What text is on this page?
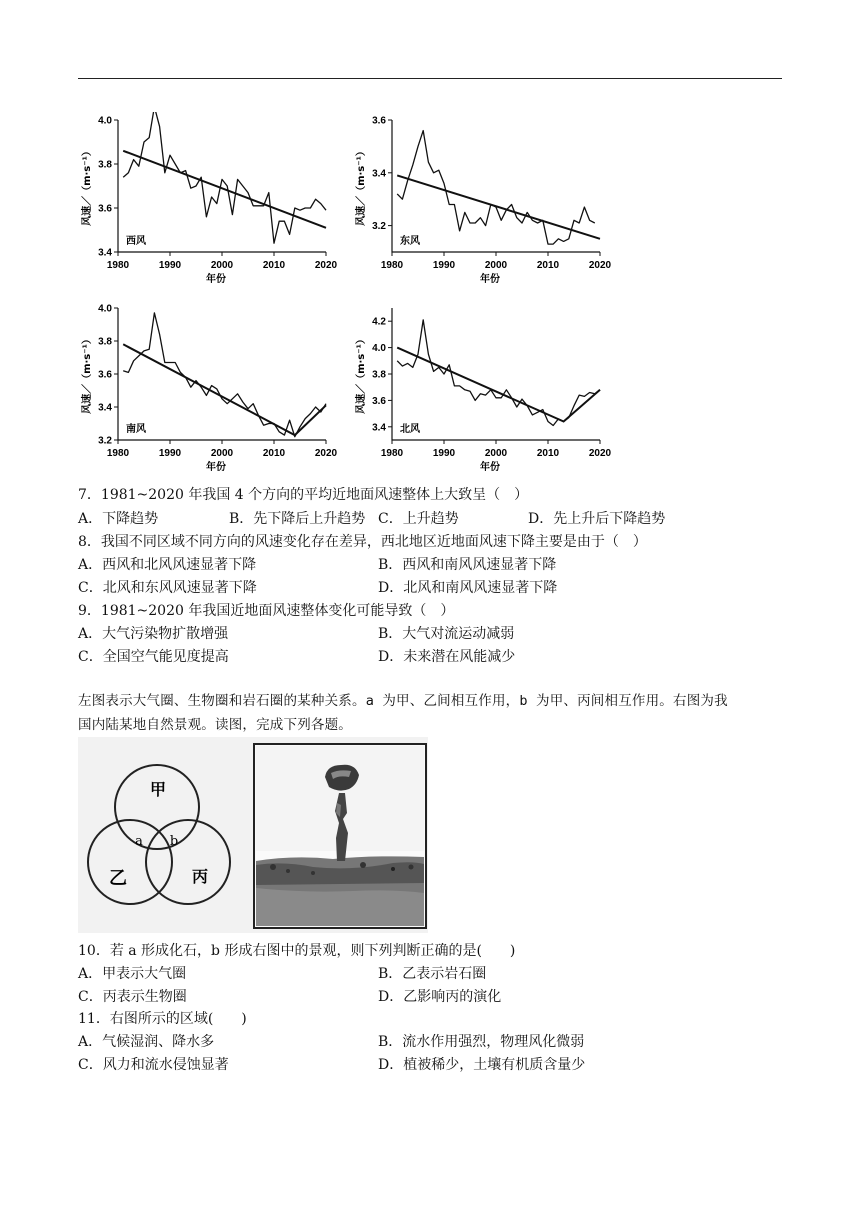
1980	1990	2000	2010	2020
3.4
3.6
3.8
4.0
年份
风速／（m·s⁻¹）
西风
1980	1990	2000	2010	2020
3.2
3.4
3.6
年份
风速／（m·s⁻¹）
东风
1980	1990	2000	2010	2020
3.2
3.4
3.6
3.8
4.0
年份
风速／（m·s⁻¹）
南风
1980	1990	2000	2010	2020
3.4
3.6
3.8
4.0
4.2
年份
风速／（m·s⁻¹）
北风
7．1981~2020 年我国 4 个方向的平均近地面风速整体上大致呈（　）
A．下降趋势	B．先下降后上升趋势 C．上升趋势	D．先上升后下降趋势
8．我国不同区域不同方向的风速变化存在差异，西北地区近地面风速下降主要是由于（　）
A．西风和北风风速显著下降	B．西风和南风风速显著下降
C．北风和东风风速显著下降	D．北风和南风风速显著下降
9．1981~2020 年我国近地面风速整体变化可能导致（　）
A．大气污染物扩散增强	B．大气对流运动减弱
C．全国空气能见度提高	D．未来潜在风能减少
左图表示大气圈、生物圈和岩石圈的某种关系。a 为甲、乙间相互作用，b 为甲、丙间相互作用。右图为我
国内陆某地自然景观。读图，完成下列各题。
甲
乙	丙
a b
10．若 a 形成化石，b 形成右图中的景观，则下列判断正确的是(　　)
A．甲表示大气圈	B．乙表示岩石圈
C．丙表示生物圈	D．乙影响丙的演化
11．右图所示的区域(　　)
A．气候湿润、降水多	B．流水作用强烈，物理风化微弱
C．风力和流水侵蚀显著	D．植被稀少，土壤有机质含量少
